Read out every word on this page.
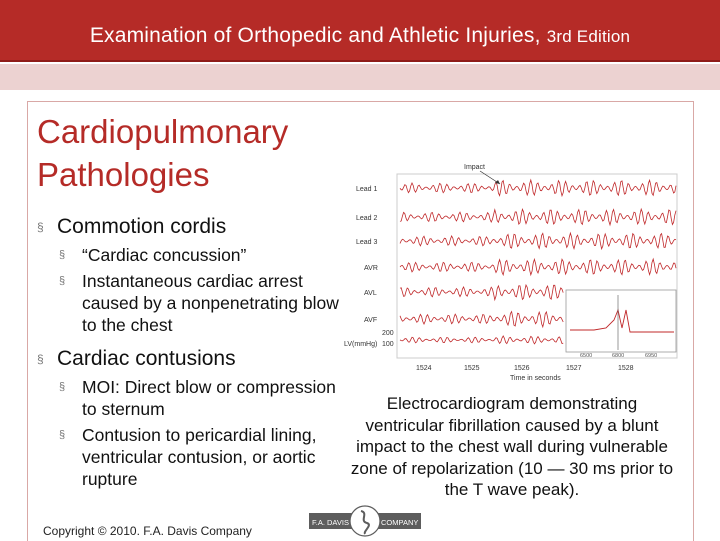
Examination of Orthopedic and Athletic Injuries, 3rd Edition
Cardiopulmonary
Pathologies
§ Commotion cordis
§ “Cardiac concussion”
§ Instantaneous cardiac arrest caused by a nonpenetrating blow to the chest
§ Cardiac contusions
§ MOI: Direct blow or compression to sternum
§ Contusion to pericardial lining, ventricular contusion, or aortic rupture
Lead 1
Lead 2
Lead 3
AVR
AVL
AVF
LV(mmHg)
200
100
6500	6800	6950
Impact
1524	1525	1526	1527	1528
Time in seconds
Electrocardiogram demonstrating ventricular fibrillation caused by a blunt impact to the chest wall during vulnerable zone of repolarization (10 — 30 ms prior to the T wave peak).
Copyright © 2010. F.A. Davis Company
F.A. DAVIS	COMPANY
